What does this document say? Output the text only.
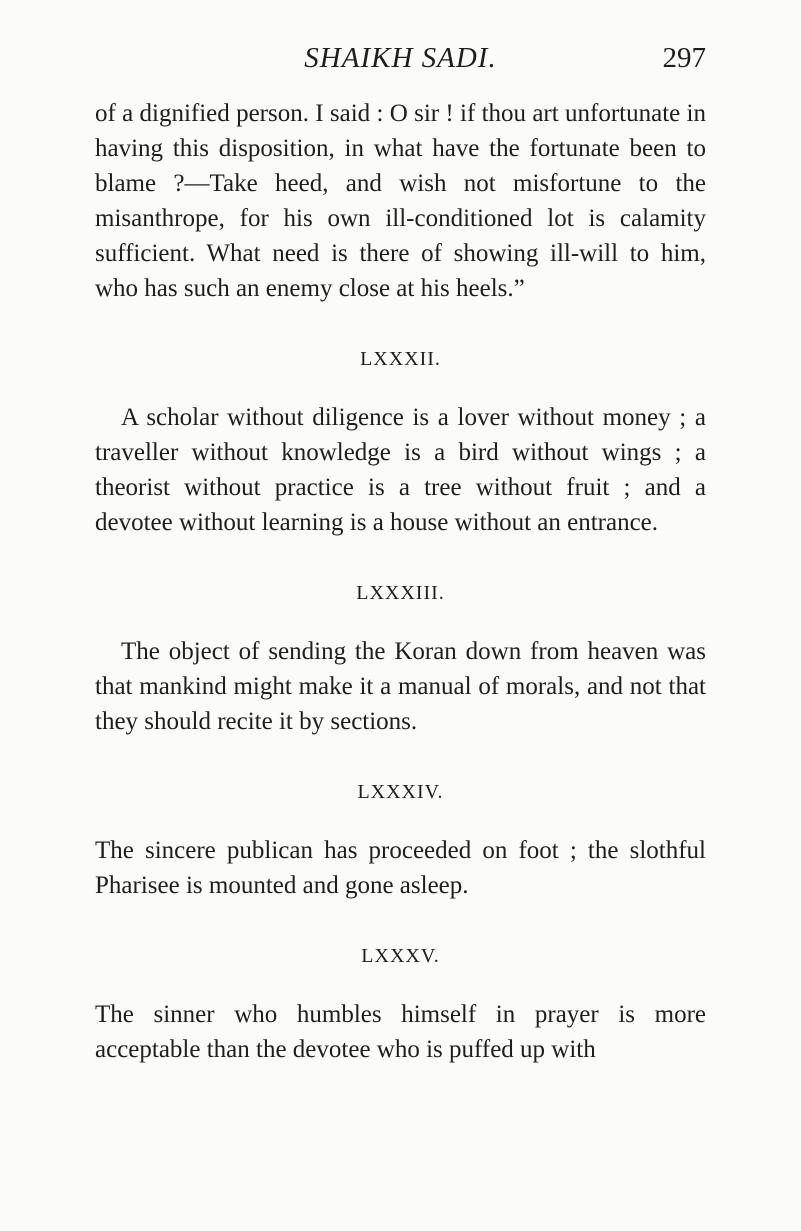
SHAIKH SADI.	297

of a dignified person. I said : O sir ! if thou art unfortunate in having this disposition, in what have the fortunate been to blame ?—Take heed, and wish not misfortune to the misanthrope, for his own ill-conditioned lot is calamity sufficient. What need is there of showing ill-will to him, who has such an enemy close at his heels.”

LXXXII.

A scholar without diligence is a lover without money ; a traveller without knowledge is a bird without wings ; a theorist without practice is a tree without fruit ; and a devotee without learning is a house without an entrance.

LXXXIII.

The object of sending the Koran down from heaven was that mankind might make it a manual of morals, and not that they should recite it by sections.

LXXXIV.

The sincere publican has proceeded on foot ; the slothful Pharisee is mounted and gone asleep.

LXXXV.

The sinner who humbles himself in prayer is more acceptable than the devotee who is puffed up with
